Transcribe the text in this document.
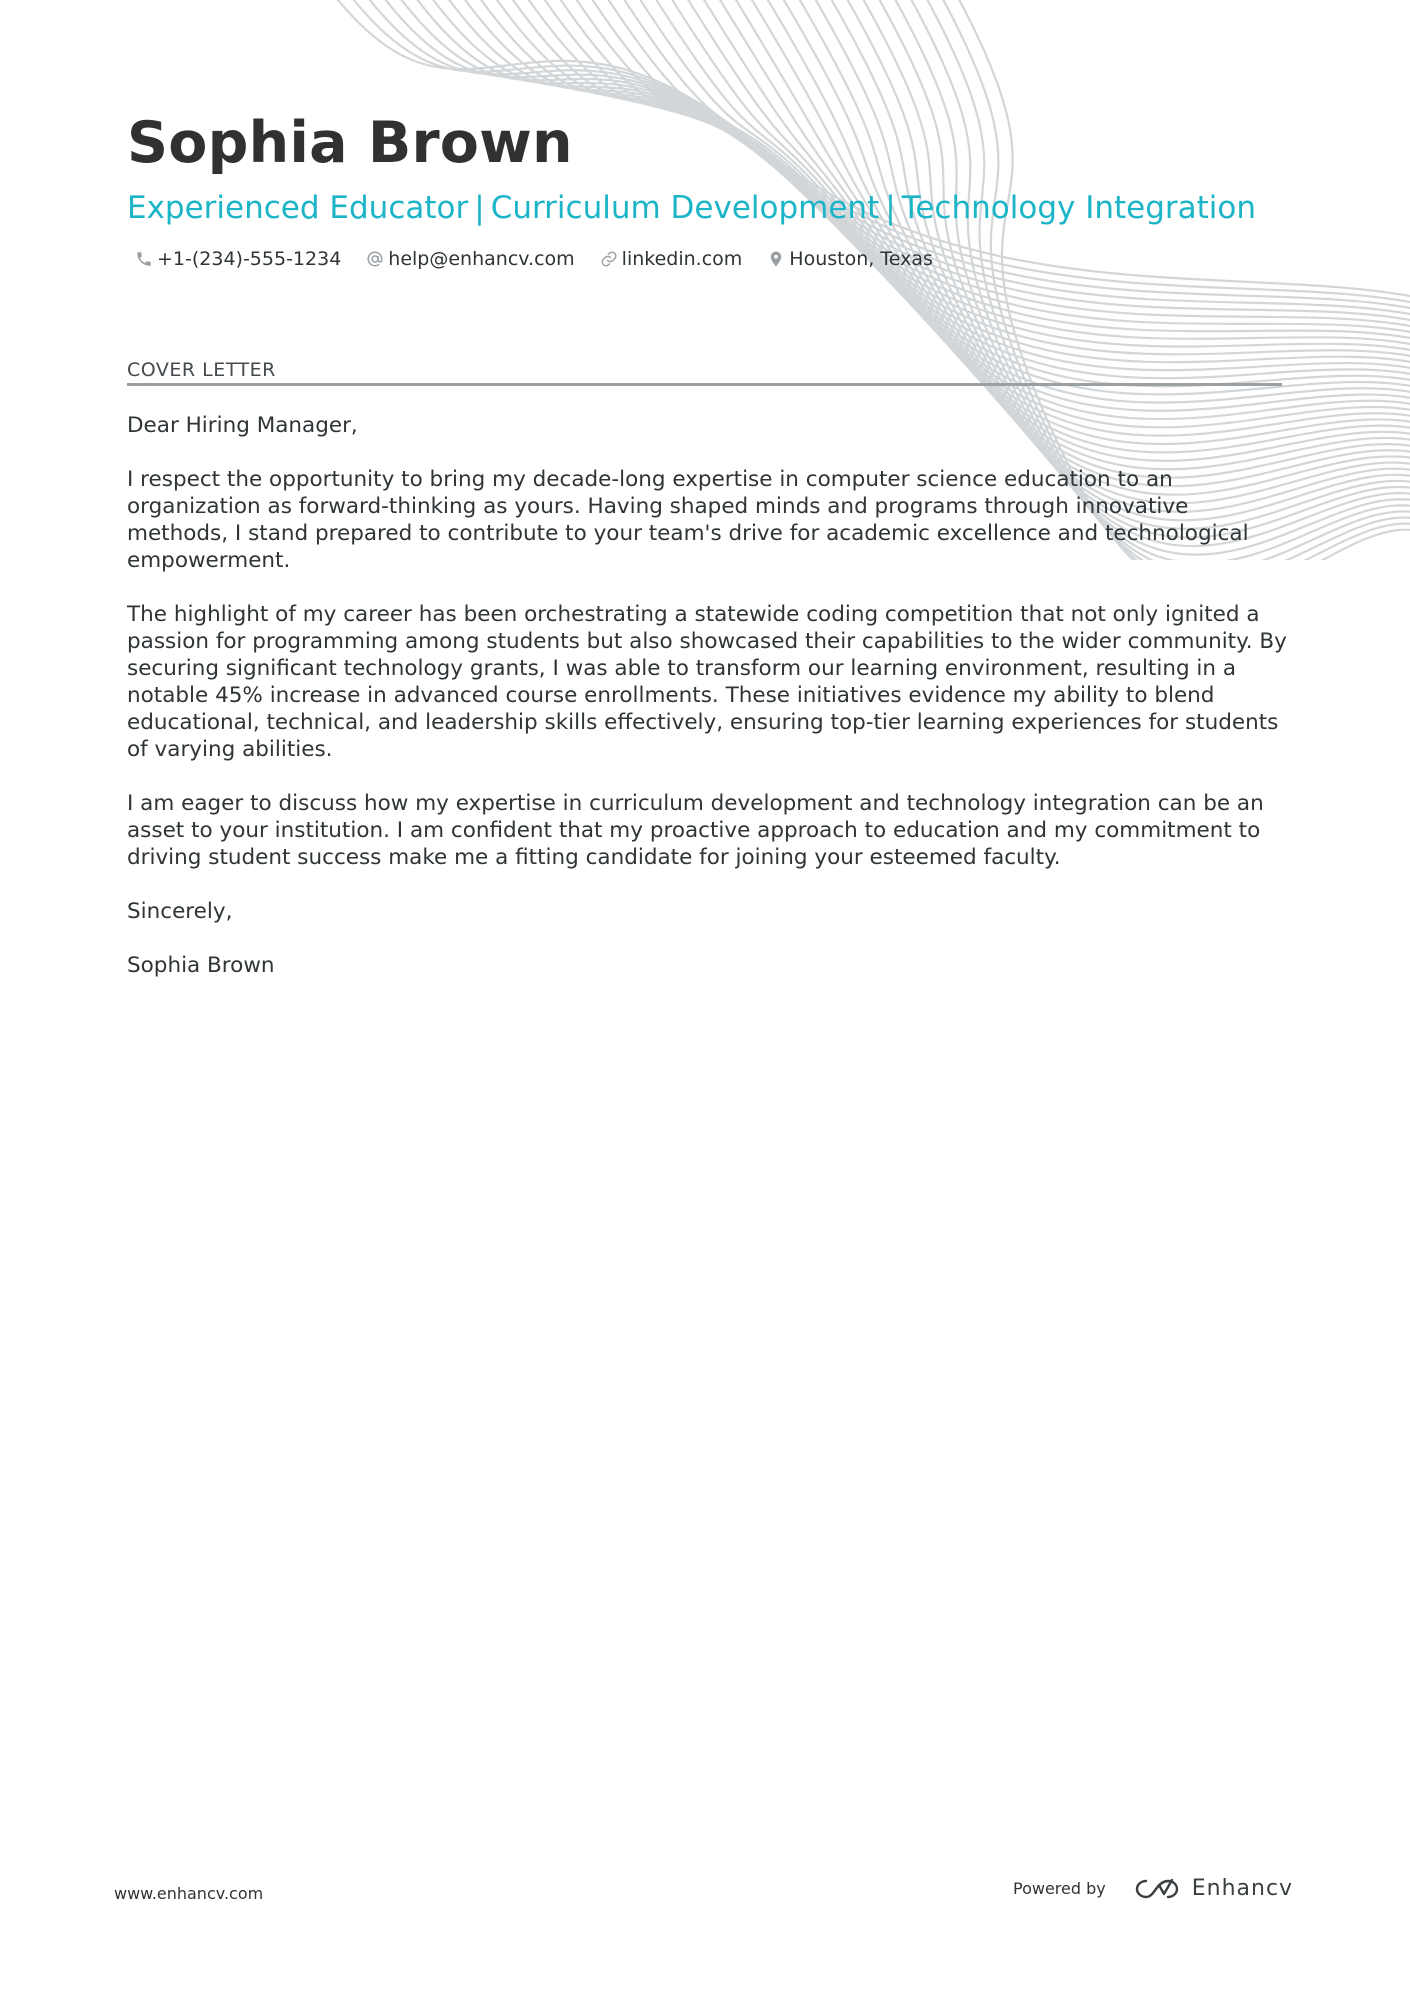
Sophia Brown
Experienced Educator | Curriculum Development | Technology Integration
+1-(234)-555-1234 help@enhancv.com linkedin.com Houston, Texas
COVER LETTER

Dear Hiring Manager,

I respect the opportunity to bring my decade-long expertise in computer science education to an organization as forward-thinking as yours. Having shaped minds and programs through innovative methods, I stand prepared to contribute to your team's drive for academic excellence and technological empowerment.

The highlight of my career has been orchestrating a statewide coding competition that not only ignited a passion for programming among students but also showcased their capabilities to the wider community. By securing significant technology grants, I was able to transform our learning environment, resulting in a notable 45% increase in advanced course enrollments. These initiatives evidence my ability to blend educational, technical, and leadership skills effectively, ensuring top-tier learning experiences for students of varying abilities.

I am eager to discuss how my expertise in curriculum development and technology integration can be an asset to your institution. I am confident that my proactive approach to education and my commitment to driving student success make me a fitting candidate for joining your esteemed faculty.

Sincerely,

Sophia Brown

www.enhancv.com	Powered by	Enhancv
